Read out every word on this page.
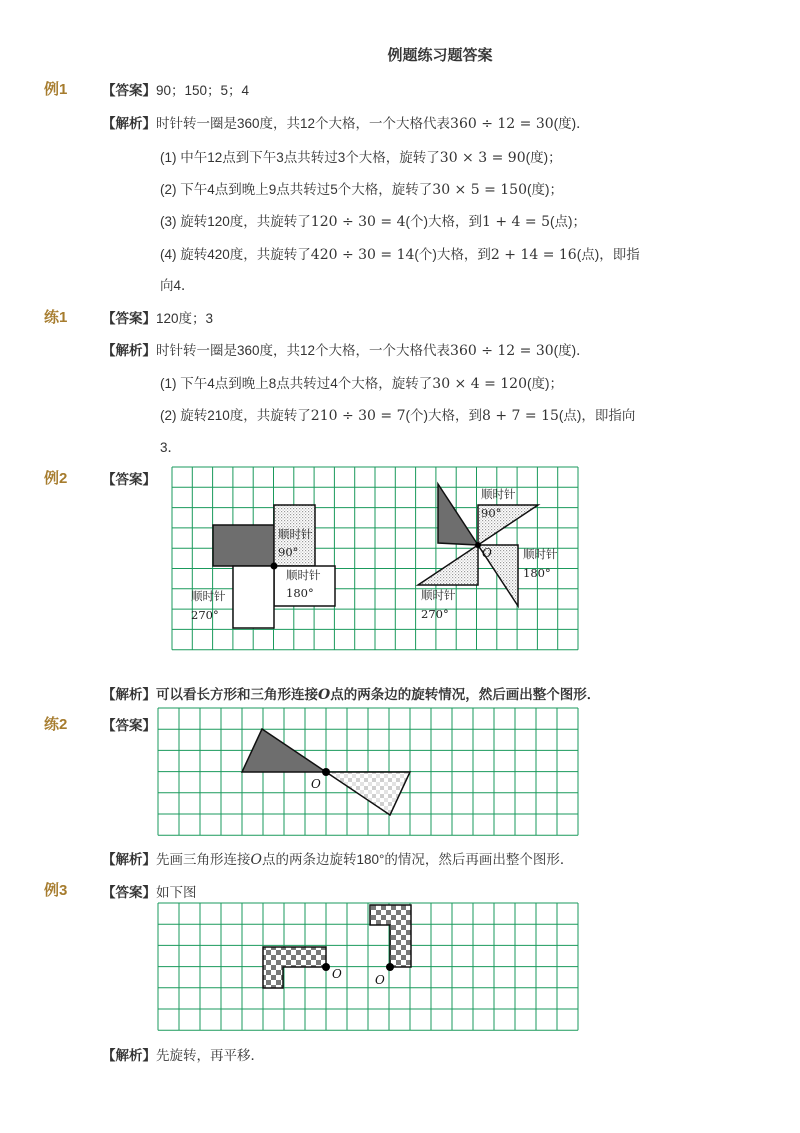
例题练习题答案
例1	【答案】90；150；5；4
【解析】时针转一圈是360度，共12个大格，一个大格代表360 ÷ 12 = 30(度)．
(1) 中午12点到下午3点共转过3个大格，旋转了30 × 3 = 90(度)；
(2) 下午4点到晚上9点共转过5个大格，旋转了30 × 5 = 150(度)；
(3) 旋转120度，共旋转了120 ÷ 30 = 4(个)大格，到1 + 4 = 5(点)；
(4) 旋转420度，共旋转了420 ÷ 30 = 14(个)大格，到2 + 14 = 16(点)，即指
向4．
练1	【答案】120度；3
【解析】时针转一圈是360度，共12个大格，一个大格代表360 ÷ 12 = 30(度)．
(1) 下午4点到晚上8点共转过4个大格，旋转了30 × 4 = 120(度)；
(2) 旋转210度，共旋转了210 ÷ 30 = 7(个)大格，到8 + 7 = 15(点)，即指向
3．
例2	【答案】
顺时针
90°
顺时针
180°
顺时针
270°
O
顺时针
90°
顺时针
180°
顺时针
270°
【解析】可以看长方形和三角形连接O点的两条边的旋转情况，然后画出整个图形．
练2	【答案】
O
【解析】先画三角形连接O点的两条边旋转180°的情况，然后再画出整个图形．
例3	【答案】如下图
O	O
【解析】先旋转，再平移．
